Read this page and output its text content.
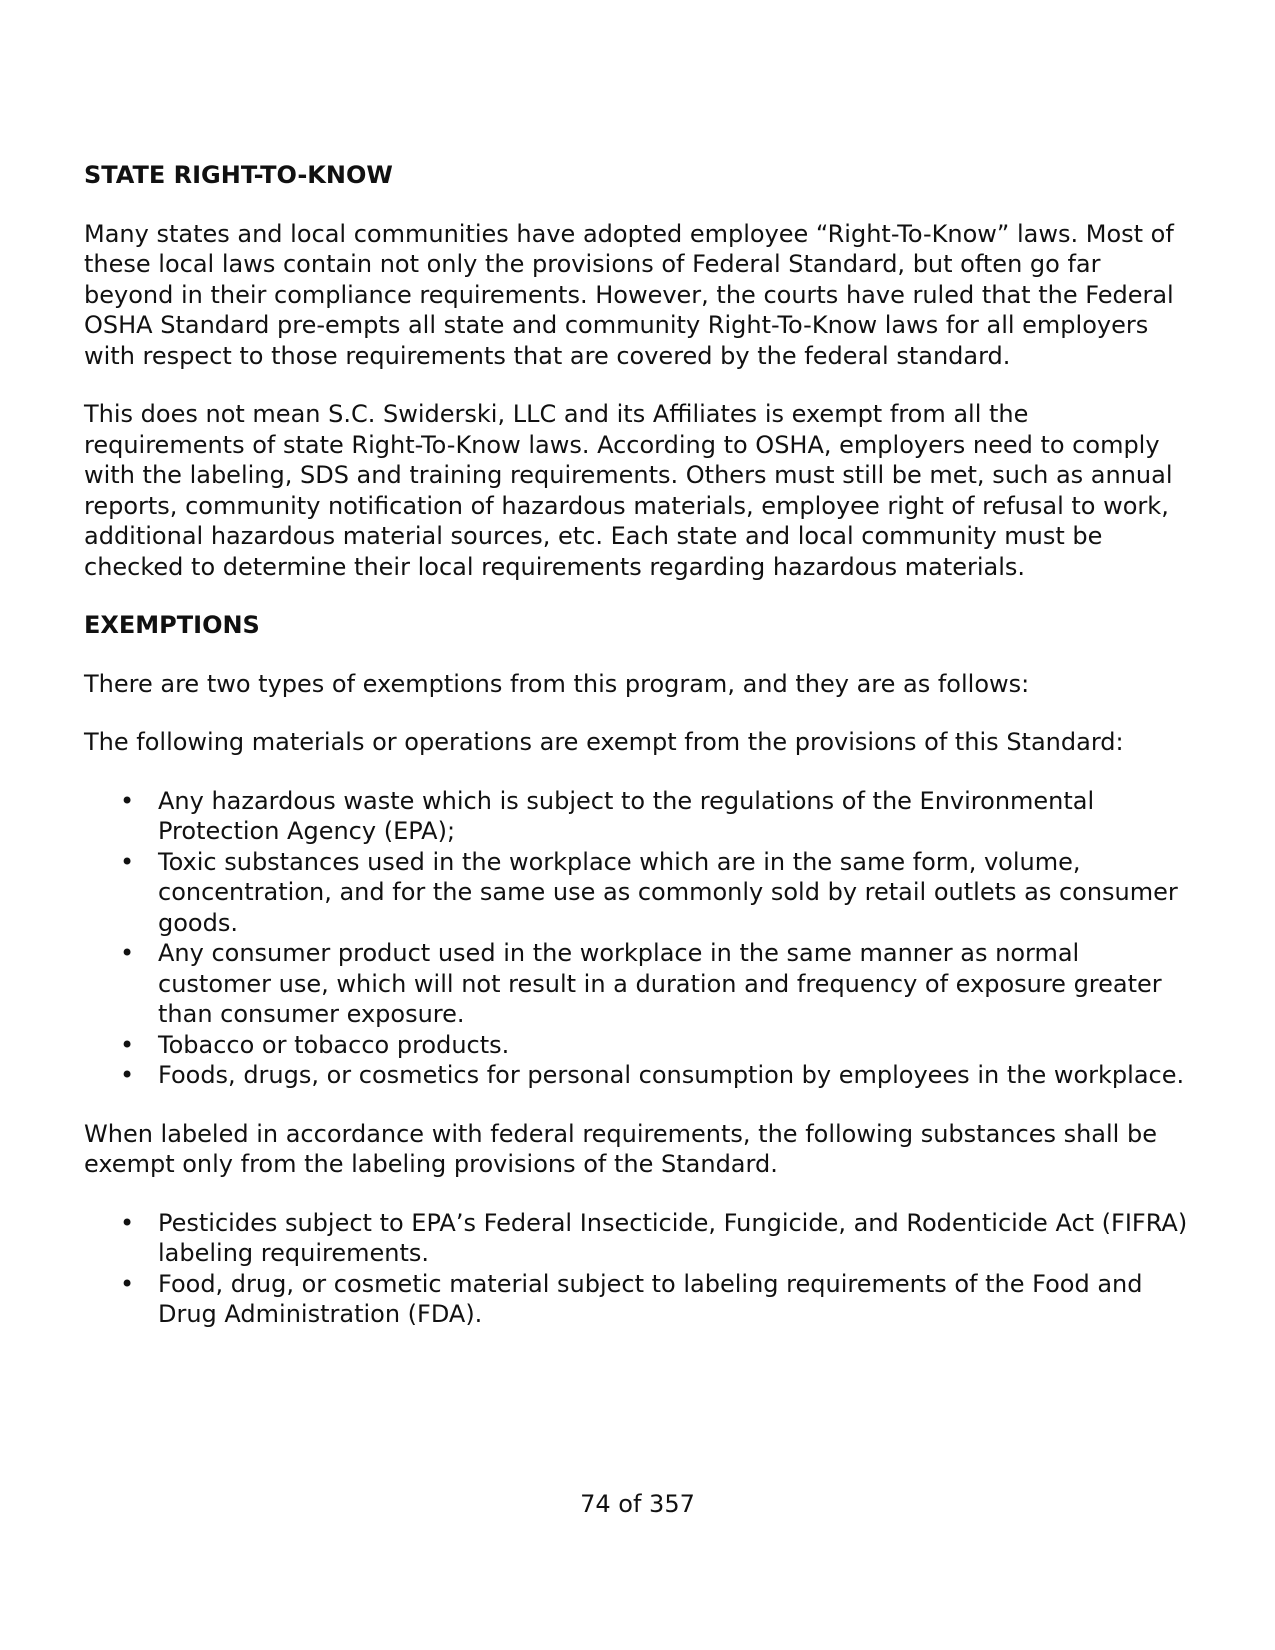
STATE RIGHT-TO-KNOW

Many states and local communities have adopted employee “Right-To-Know” laws. Most of these local laws contain not only the provisions of Federal Standard, but often go far beyond in their compliance requirements. However, the courts have ruled that the Federal OSHA Standard pre-empts all state and community Right-To-Know laws for all employers with respect to those requirements that are covered by the federal standard.

This does not mean S.C. Swiderski, LLC and its Affiliates is exempt from all the requirements of state Right-To-Know laws. According to OSHA, employers need to comply with the labeling, SDS and training requirements. Others must still be met, such as annual reports, community notification of hazardous materials, employee right of refusal to work, additional hazardous material sources, etc. Each state and local community must be checked to determine their local requirements regarding hazardous materials.

EXEMPTIONS

There are two types of exemptions from this program, and they are as follows:

The following materials or operations are exempt from the provisions of this Standard:

• Any hazardous waste which is subject to the regulations of the Environmental Protection Agency (EPA);
• Toxic substances used in the workplace which are in the same form, volume, concentration, and for the same use as commonly sold by retail outlets as consumer goods.
• Any consumer product used in the workplace in the same manner as normal customer use, which will not result in a duration and frequency of exposure greater than consumer exposure.
• Tobacco or tobacco products.
• Foods, drugs, or cosmetics for personal consumption by employees in the workplace.

When labeled in accordance with federal requirements, the following substances shall be exempt only from the labeling provisions of the Standard.

• Pesticides subject to EPA’s Federal Insecticide, Fungicide, and Rodenticide Act (FIFRA) labeling requirements.
• Food, drug, or cosmetic material subject to labeling requirements of the Food and Drug Administration (FDA).
74 of 357
